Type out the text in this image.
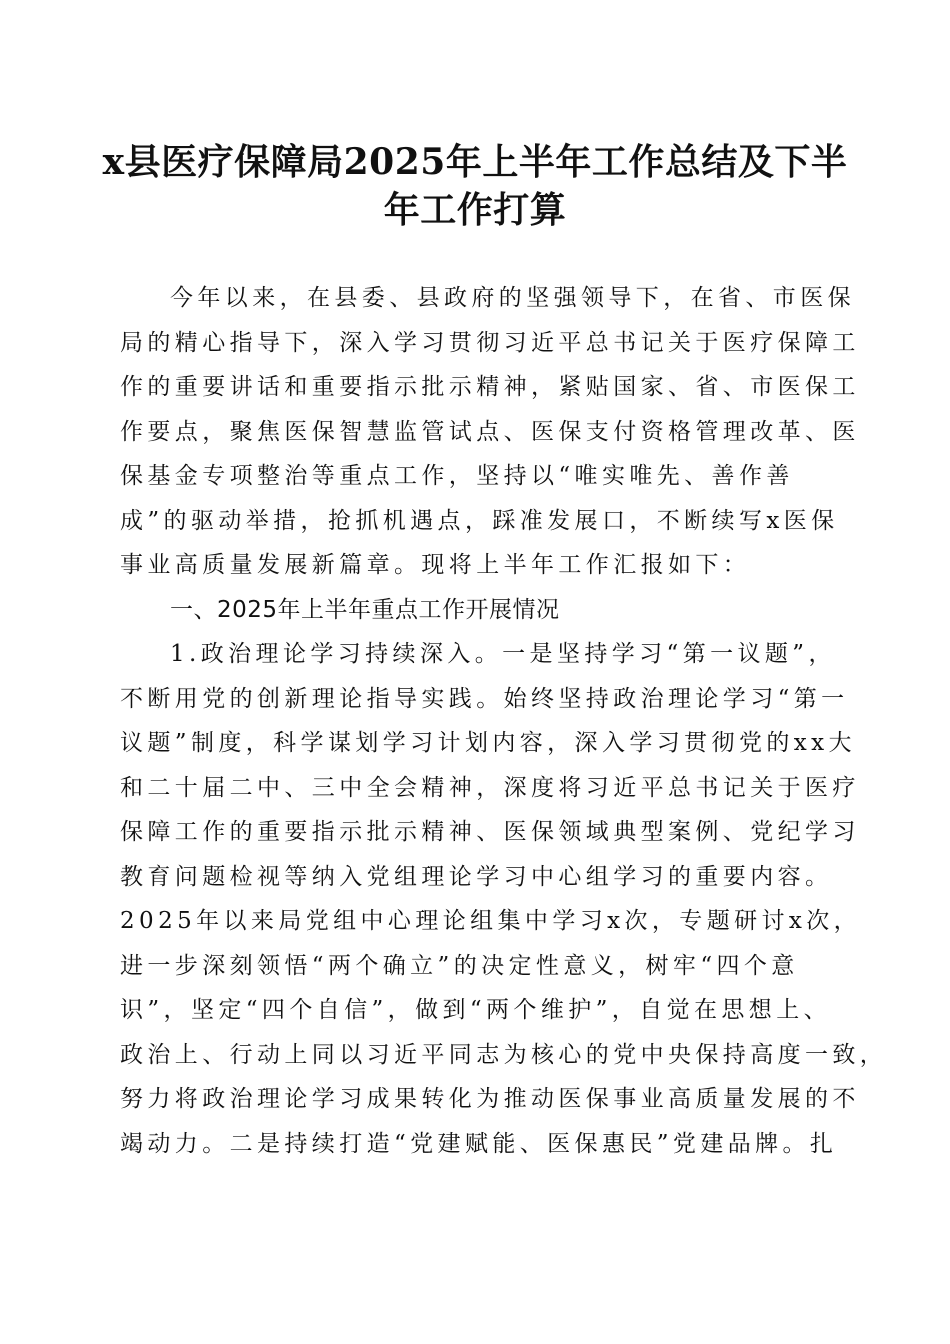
x县医疗保障局2025年上半年工作总结及下半
年工作打算
今年以来，在县委、县政府的坚强领导下，在省、市医保
局的精心指导下，深入学习贯彻习近平总书记关于医疗保障工
作的重要讲话和重要指示批示精神，紧贴国家、省、市医保工
作要点，聚焦医保智慧监管试点、医保支付资格管理改革、医
保基金专项整治等重点工作，坚持以“唯实唯先、善作善
成”的驱动举措，抢抓机遇点，踩准发展口，不断续写x医保
事业高质量发展新篇章。现将上半年工作汇报如下：
一、2025年上半年重点工作开展情况
1.政治理论学习持续深入。一是坚持学习“第一议题”，
不断用党的创新理论指导实践。始终坚持政治理论学习“第一
议题”制度，科学谋划学习计划内容，深入学习贯彻党的xx大
和二十届二中、三中全会精神，深度将习近平总书记关于医疗
保障工作的重要指示批示精神、医保领域典型案例、党纪学习
教育问题检视等纳入党组理论学习中心组学习的重要内容。
2025年以来局党组中心理论组集中学习x次，专题研讨x次，
进一步深刻领悟“两个确立”的决定性意义，树牢“四个意
识”，坚定“四个自信”，做到“两个维护”，自觉在思想上、
政治上、行动上同以习近平同志为核心的党中央保持高度一致，
努力将政治理论学习成果转化为推动医保事业高质量发展的不
竭动力。二是持续打造“党建赋能、医保惠民”党建品牌。扎
